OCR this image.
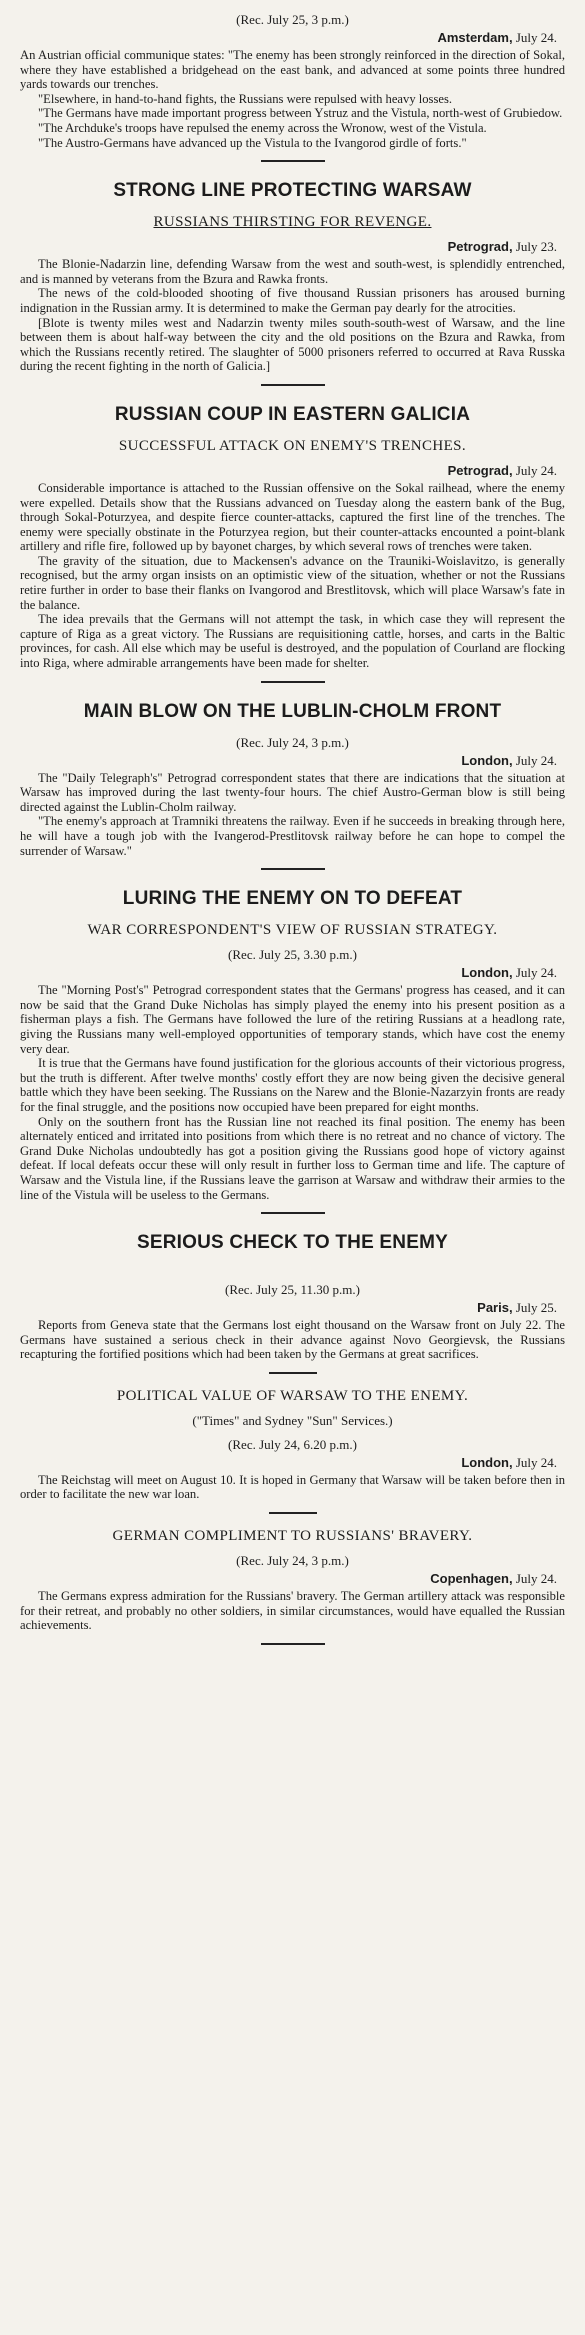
(Rec. July 25, 3 p.m.)
Amsterdam, July 24.

An Austrian official communique states: "The enemy has been strongly reinforced in the direction of Sokal, where they have established a bridgehead on the east bank, and advanced at some points three hundred yards towards our trenches.

"Elsewhere, in hand-to-hand fights, the Russians were repulsed with heavy losses.

"The Germans have made important progress between Ystruz and the Vistula, north-west of Grubiedow.

"The Archduke's troops have repulsed the enemy across the Wronow, west of the Vistula.

"The Austro-Germans have advanced up the Vistula to the Ivangorod girdle of forts."

STRONG LINE PROTECTING WARSAW
RUSSIANS THIRSTING FOR REVENGE.
Petrograd, July 23.

The Blonie-Nadarzin line, defending Warsaw from the west and south-west, is splendidly entrenched, and is manned by veterans from the Bzura and Rawka fronts.

The news of the cold-blooded shooting of five thousand Russian prisoners has aroused burning indignation in the Russian army. It is determined to make the German pay dearly for the atrocities.

[Blote is twenty miles west and Nadarzin twenty miles south-south-west of Warsaw, and the line between them is about half-way between the city and the old positions on the Bzura and Rawka, from which the Russians recently retired. The slaughter of 5000 prisoners referred to occurred at Rava Russka during the recent fighting in the north of Galicia.]

RUSSIAN COUP IN EASTERN GALICIA
SUCCESSFUL ATTACK ON ENEMY'S TRENCHES.
Petrograd, July 24.

Considerable importance is attached to the Russian offensive on the Sokal railhead, where the enemy were expelled. Details show that the Russians advanced on Tuesday along the eastern bank of the Bug, through Sokal-Poturzyea, and despite fierce counter-attacks, captured the first line of the trenches. The enemy were specially obstinate in the Poturzyea region, but their counter-attacks encounted a point-blank artillery and rifle fire, followed up by bayonet charges, by which several rows of trenches were taken.

The gravity of the situation, due to Mackensen's advance on the Trauniki-Woislavitzo, is generally recognised, but the army organ insists on an optimistic view of the situation, whether or not the Russians retire further in order to base their flanks on Ivangorod and Brestlitovsk, which will place Warsaw's fate in the balance.

The idea prevails that the Germans will not attempt the task, in which case they will represent the capture of Riga as a great victory. The Russians are requisitioning cattle, horses, and carts in the Baltic provinces, for cash. All else which may be useful is destroyed, and the population of Courland are flocking into Riga, where admirable arrangements have been made for shelter.

MAIN BLOW ON THE LUBLIN-CHOLM FRONT
(Rec. July 24, 3 p.m.)
London, July 24.

The "Daily Telegraph's" Petrograd correspondent states that there are indications that the situation at Warsaw has improved during the last twenty-four hours. The chief Austro-German blow is still being directed against the Lublin-Cholm railway.

"The enemy's approach at Tramniki threatens the railway. Even if he succeeds in breaking through here, he will have a tough job with the Ivangerod-Prestlitovsk railway before he can hope to compel the surrender of Warsaw."

LURING THE ENEMY ON TO DEFEAT
WAR CORRESPONDENT'S VIEW OF RUSSIAN STRATEGY.
(Rec. July 25, 3.30 p.m.)
London, July 24.

The "Morning Post's" Petrograd correspondent states that the Germans' progress has ceased, and it can now be said that the Grand Duke Nicholas has simply played the enemy into his present position as a fisherman plays a fish. The Germans have followed the lure of the retiring Russians at a headlong rate, giving the Russians many well-employed opportunities of temporary stands, which have cost the enemy very dear.

It is true that the Germans have found justification for the glorious accounts of their victorious progress, but the truth is different. After twelve months' costly effort they are now being given the decisive general battle which they have been seeking. The Russians on the Narew and the Blonie-Nazarzyin fronts are ready for the final struggle, and the positions now occupied have been prepared for eight months.

Only on the southern front has the Russian line not reached its final position. The enemy has been alternately enticed and irritated into positions from which there is no retreat and no chance of victory. The Grand Duke Nicholas undoubtedly has got a position giving the Russians good hope of victory against defeat. If local defeats occur these will only result in further loss to German time and life. The capture of Warsaw and the Vistula line, if the Russians leave the garrison at Warsaw and withdraw their armies to the line of the Vistula will be useless to the Germans.

SERIOUS CHECK TO THE ENEMY
(Rec. July 25, 11.30 p.m.)
Paris, July 25.

Reports from Geneva state that the Germans lost eight thousand on the Warsaw front on July 22. The Germans have sustained a serious check in their advance against Novo Georgievsk, the Russians recapturing the fortified positions which had been taken by the Germans at great sacrifices.

POLITICAL VALUE OF WARSAW TO THE ENEMY.
("Times" and Sydney "Sun" Services.)
(Rec. July 24, 6.20 p.m.)
London, July 24.

The Reichstag will meet on August 10. It is hoped in Germany that Warsaw will be taken before then in order to facilitate the new war loan.

GERMAN COMPLIMENT TO RUSSIANS' BRAVERY.
(Rec. July 24, 3 p.m.)
Copenhagen, July 24.

The Germans express admiration for the Russians' bravery. The German artillery attack was responsible for their retreat, and probably no other soldiers, in similar circumstances, would have equalled the Russian achievements.
